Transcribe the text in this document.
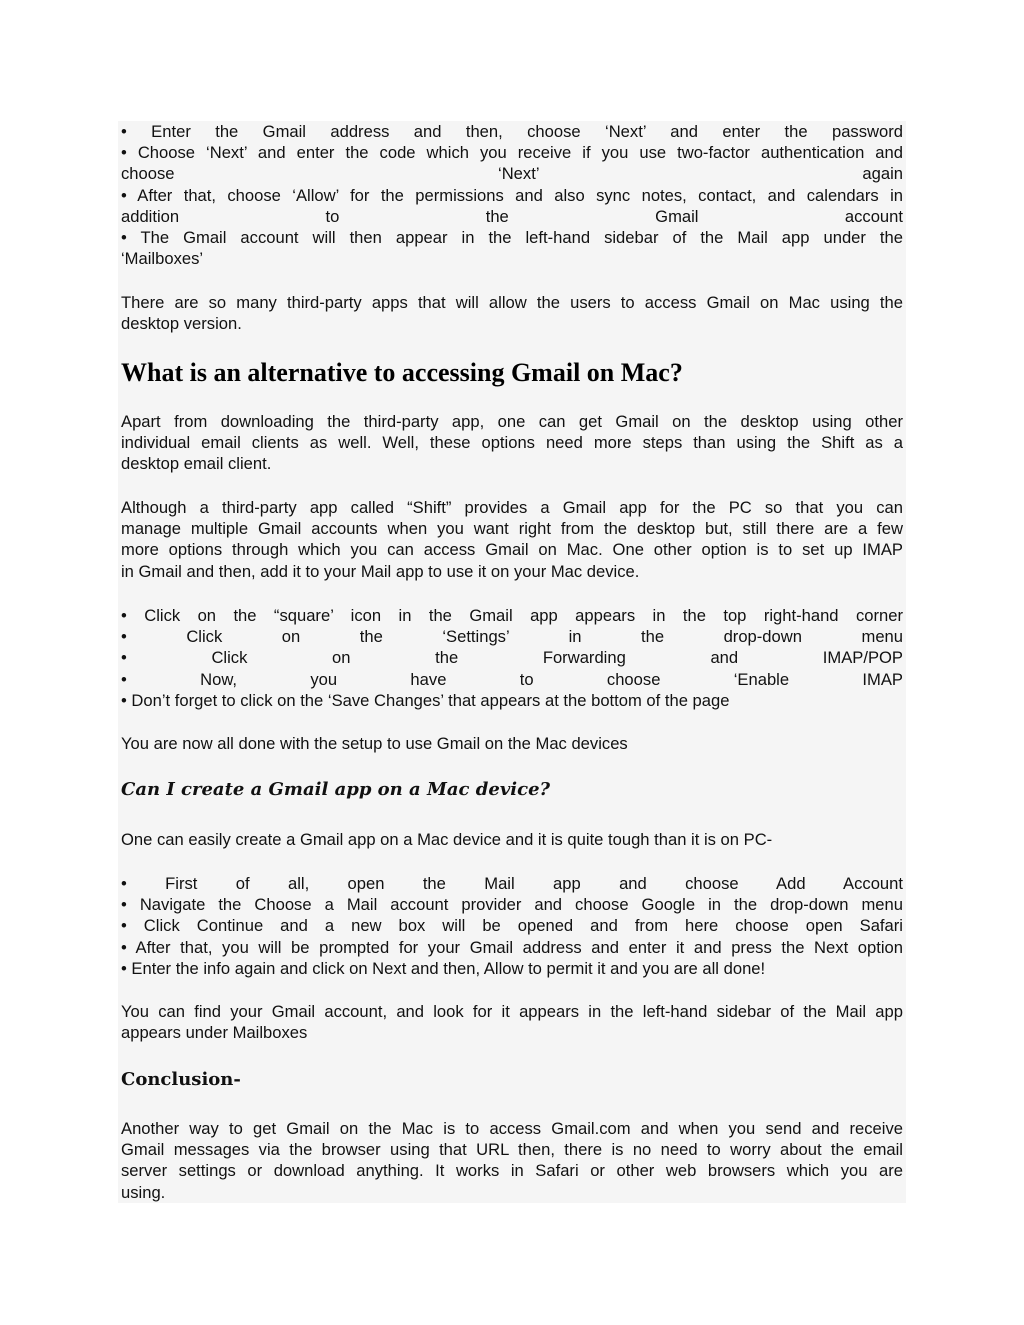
• Enter the Gmail address and then, choose ‘Next’ and enter the password
• Choose ‘Next’ and enter the code which you receive if you use two-factor authentication and
choose ‘Next’ again
• After that, choose ‘Allow’ for the permissions and also sync notes, contact, and calendars in
addition to the Gmail account
• The Gmail account will then appear in the left-hand sidebar of the Mail app under the
‘Mailboxes’
There are so many third-party apps that will allow the users to access Gmail on Mac using the
desktop version.
What is an alternative to accessing Gmail on Mac?
Apart from downloading the third-party app, one can get Gmail on the desktop using other
individual email clients as well. Well, these options need more steps than using the Shift as a
desktop email client.
Although a third-party app called “Shift” provides a Gmail app for the PC so that you can
manage multiple Gmail accounts when you want right from the desktop but, still there are a few
more options through which you can access Gmail on Mac. One other option is to set up IMAP
in Gmail and then, add it to your Mail app to use it on your Mac device.
• Click on the “square’ icon in the Gmail app appears in the top right-hand corner
• Click on the ‘Settings’ in the drop-down menu
• Click on the Forwarding and IMAP/POP
• Now, you have to choose ‘Enable IMAP
• Don’t forget to click on the ‘Save Changes’ that appears at the bottom of the page
You are now all done with the setup to use Gmail on the Mac devices
Can I create a Gmail app on a Mac device?
One can easily create a Gmail app on a Mac device and it is quite tough than it is on PC-
• First of all, open the Mail app and choose Add Account
• Navigate the Choose a Mail account provider and choose Google in the drop-down menu
• Click Continue and a new box will be opened and from here choose open Safari
• After that, you will be prompted for your Gmail address and enter it and press the Next option
• Enter the info again and click on Next and then, Allow to permit it and you are all done!
You can find your Gmail account, and look for it appears in the left-hand sidebar of the Mail app
appears under Mailboxes
Conclusion-
Another way to get Gmail on the Mac is to access Gmail.com and when you send and receive
Gmail messages via the browser using that URL then, there is no need to worry about the email
server settings or download anything. It works in Safari or other web browsers which you are
using.
